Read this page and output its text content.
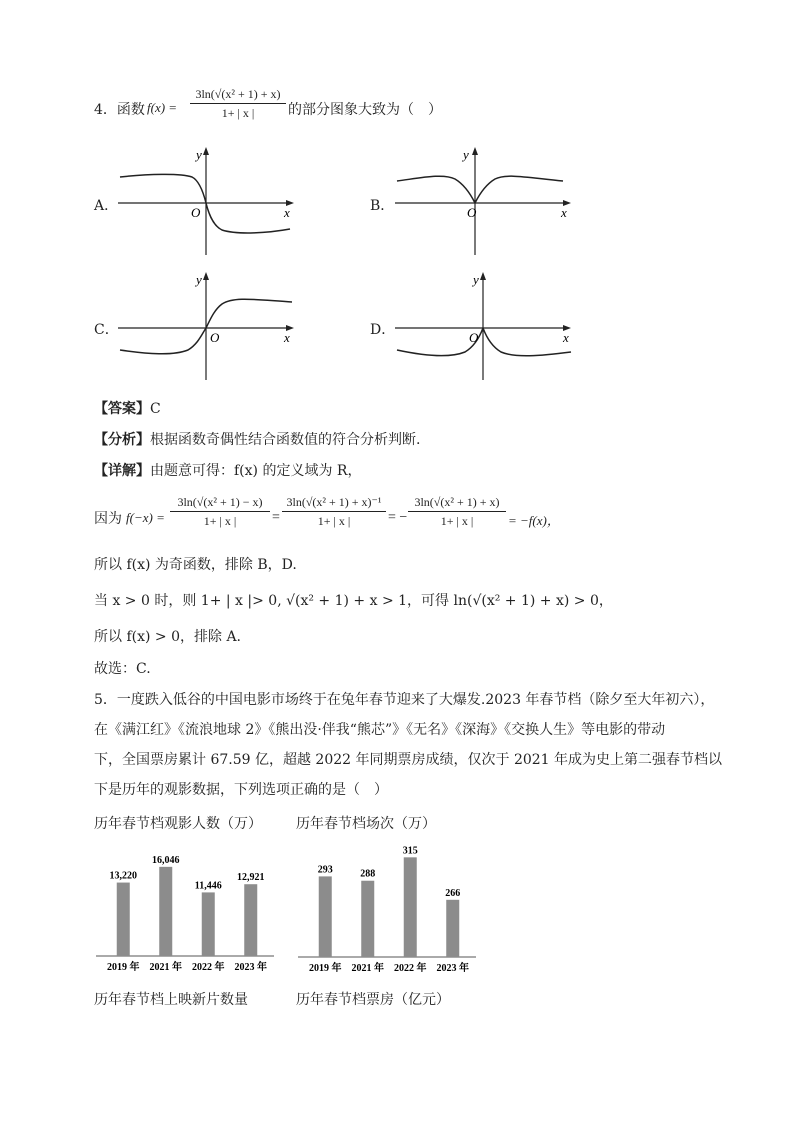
4．函数 f(x) =
3ln(√(x² + 1) + x)
1+ | x |	的部分图象大致为（　）
A．	B．
C．	D．
y
O	x
y
O	x
y
O	x
y
O	x
【答案】C
【分析】根据函数奇偶性结合函数值的符合分析判断.
【详解】由题意可得：f(x) 的定义域为 R，
因为 f(−x) =
3ln(√(x² + 1) − x)
1+ | x |	=
3ln(√(x² + 1) + x)⁻¹
1+ | x |	= −
3ln(√(x² + 1) + x)
1+ | x |	= −f(x)，
所以 f(x) 为奇函数，排除 B，D.
当 x > 0 时，则 1+ | x |> 0, √(x² + 1) + x > 1，可得 ln(√(x² + 1) + x) > 0，
所以 f(x) > 0，排除 A.
故选：C.
5．一度跌入低谷的中国电影市场终于在兔年春节迎来了大爆发.2023 年春节档（除夕至大年初六），
在《满江红》《流浪地球 2》《熊出没·伴我“熊芯”》《无名》《深海》《交换人生》等电影的带动
下，全国票房累计 67.59 亿，超越 2022 年同期票房成绩，仅次于 2021 年成为史上第二强春节档以
下是历年的观影数据，下列选项正确的是（　）
历年春节档观影人数（万） 历年春节档场次（万）
13,220
2019 年
16,046
2021 年
11,446
2022 年
12,921
2023 年
293
2019 年
288
2021 年
315
2022 年
266
2023 年
历年春节档上映新片数量	历年春节档票房（亿元）
